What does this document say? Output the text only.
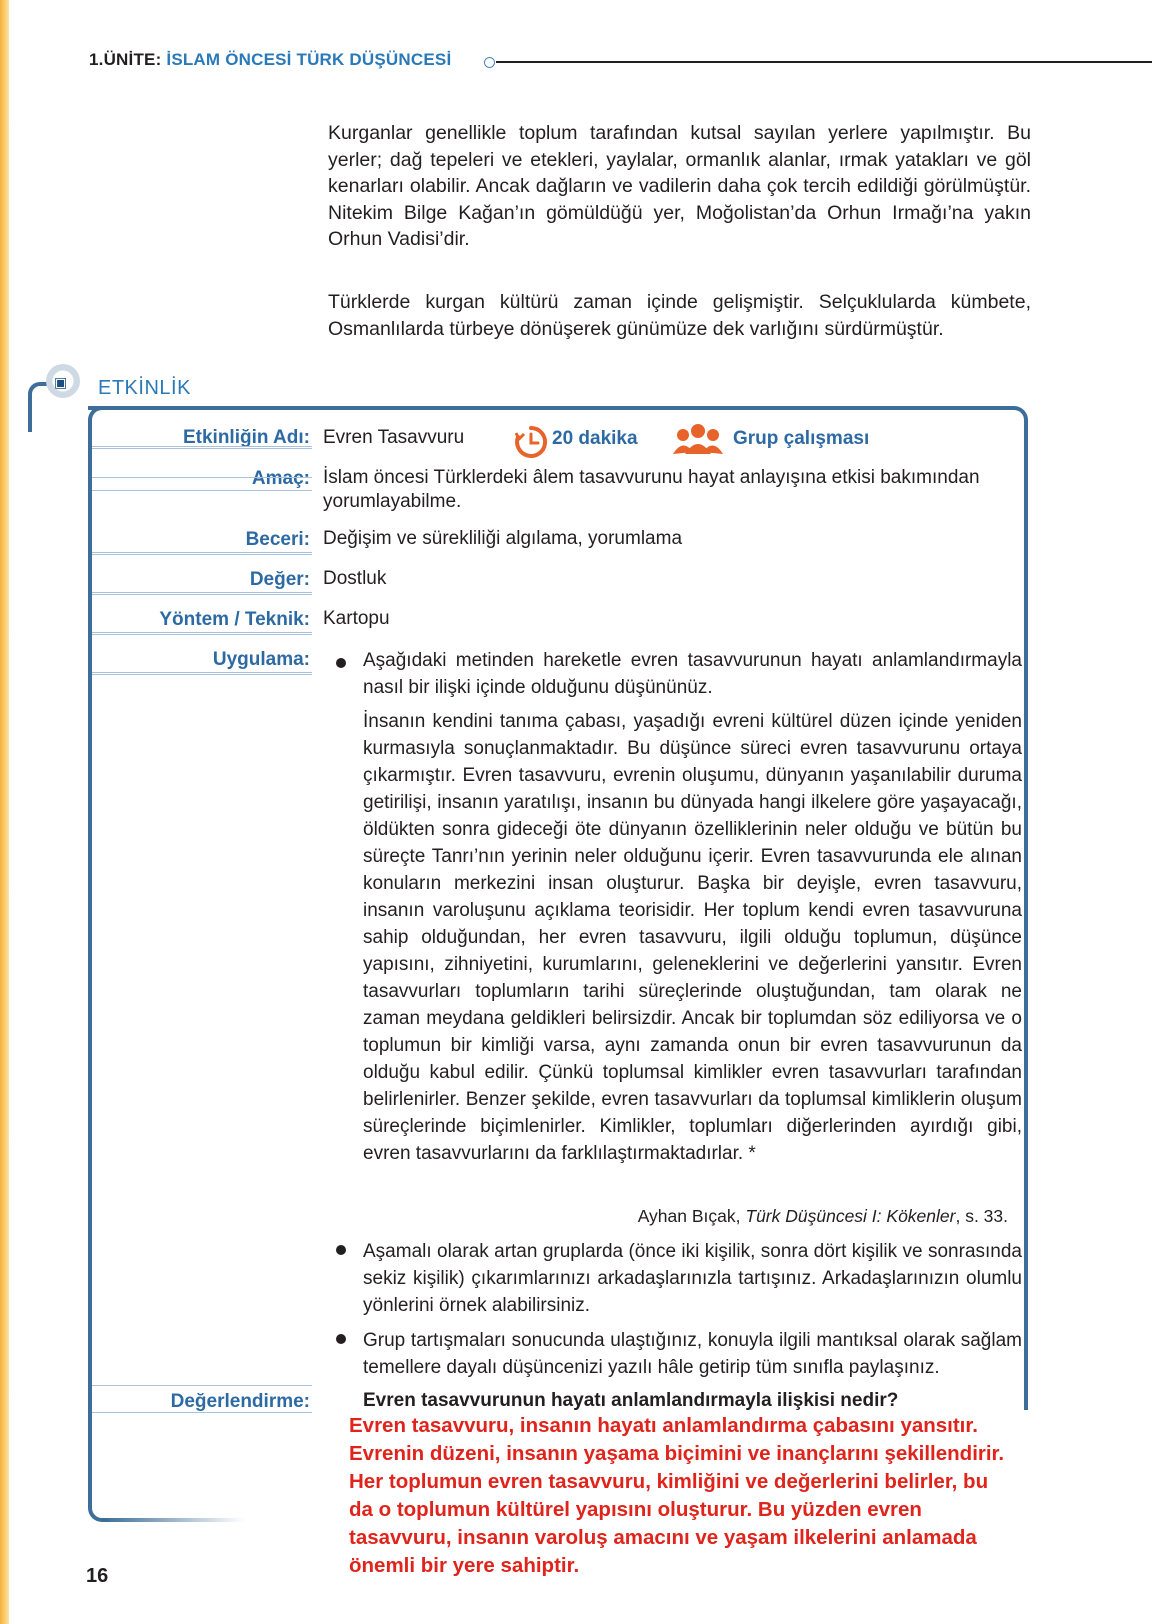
1.ÜNİTE: İSLAM ÖNCESİ TÜRK DÜŞÜNCESİ

Kurganlar genellikle toplum tarafından kutsal sayılan yerlere yapılmıştır. Bu yerler; dağ tepeleri ve etekleri, yaylalar, ormanlık alanlar, ırmak yatakları ve göl kenarları olabilir. Ancak dağların ve vadilerin daha çok tercih edildiği görülmüştür. Nitekim Bilge Kağan’ın gömüldüğü yer, Moğolistan’da Orhun Irmağı’na yakın Orhun Vadisi’dir.

Türklerde kurgan kültürü zaman içinde gelişmiştir. Selçuklularda kümbete, Osmanlılarda türbeye dönüşerek günümüze dek varlığını sürdürmüştür.

▣ ETKİNLİK
Etkinliğin Adı: Evren Tasavvuru	20 dakika	Grup çalışması
Amaç: İslam öncesi Türklerdeki âlem tasavvurunu hayat anlayışına etkisi bakımından yorumlayabilme.
Beceri: Değişim ve sürekliliği algılama, yorumlama
Değer: Dostluk
Yöntem / Teknik: Kartopu
Uygulama:	Aşağıdaki metinden hareketle evren tasavvurunun hayatı anlamlandırmayla nasıl bir ilişki içinde olduğunu düşününüz.

İnsanın kendini tanıma çabası, yaşadığı evreni kültürel düzen içinde yeniden kurmasıyla sonuçlanmaktadır. Bu düşünce süreci evren tasavvurunu ortaya çıkarmıştır. Evren tasavvuru, evrenin oluşumu, dünyanın yaşanılabilir duruma getirilişi, insanın yaratılışı, insanın bu dünyada hangi ilkelere göre yaşayacağı, öldükten sonra gideceği öte dünyanın özelliklerinin neler olduğu ve bütün bu süreçte Tanrı’nın yerinin neler olduğunu içerir. Evren tasavvurunda ele alınan konuların merkezini insan oluşturur. Başka bir deyişle, evren tasavvuru, insanın varoluşunu açıklama teorisidir. Her toplum kendi evren tasavvuruna sahip olduğundan, her evren tasavvuru, ilgili olduğu toplumun, düşünce yapısını, zihniyetini, kurumlarını, geleneklerini ve değerlerini yansıtır. Evren tasavvurları toplumların tarihi süreçlerinde oluştuğundan, tam olarak ne zaman meydana geldikleri belirsizdir. Ancak bir toplumdan söz ediliyorsa ve o toplumun bir kimliği varsa, aynı zamanda onun bir evren tasavvurunun da olduğu kabul edilir. Çünkü toplumsal kimlikler evren tasavvurları tarafından belirlenirler. Benzer şekilde, evren tasavvurları da toplumsal kimliklerin oluşum süreçlerinde biçimlenirler. Kimlikler, toplumları diğerlerinden ayırdığı gibi, evren tasavvurlarını da farklılaştırmaktadırlar. *

Ayhan Bıçak, Türk Düşüncesi I: Kökenler, s. 33.

Aşamalı olarak artan gruplarda (önce iki kişilik, sonra dört kişilik ve sonrasında sekiz kişilik) çıkarımlarınızı arkadaşlarınızla tartışınız. Arkadaşlarınızın olumlu yönlerini örnek alabilirsiniz.

Grup tartışmaları sonucunda ulaştığınız, konuyla ilgili mantıksal olarak sağlam temellere dayalı düşüncenizi yazılı hâle getirip tüm sınıfla paylaşınız.

Değerlendirme:	Evren tasavvurunun hayatı anlamlandırmayla ilişkisi nedir?
Evren tasavvuru, insanın hayatı anlamlandırma çabasını yansıtır.
Evrenin düzeni, insanın yaşama biçimini ve inançlarını şekillendirir.
Her toplumun evren tasavvuru, kimliğini ve değerlerini belirler, bu
da o toplumun kültürel yapısını oluşturur. Bu yüzden evren
tasavvuru, insanın varoluş amacını ve yaşam ilkelerini anlamada
önemli bir yere sahiptir.
16
